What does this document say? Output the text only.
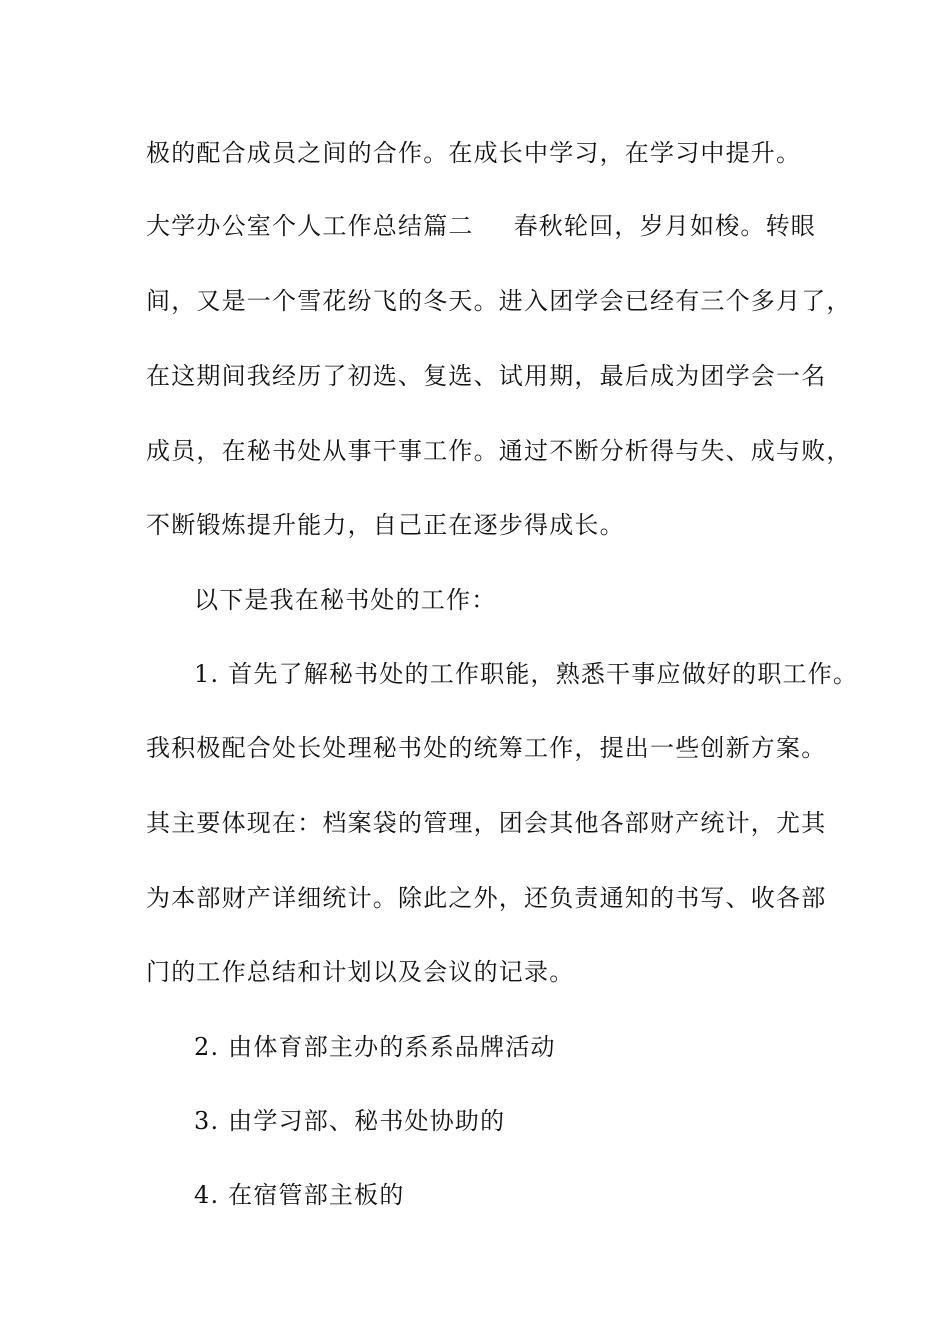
极的配合成员之间的合作。在成长中学习，在学习中提升。
大学办公室个人工作总结篇二 春秋轮回，岁月如梭。转眼
间，又是一个雪花纷飞的冬天。进入团学会已经有三个多月了，
在这期间我经历了初选、复选、试用期，最后成为团学会一名
成员，在秘书处从事干事工作。通过不断分析得与失、成与败，
不断锻炼提升能力，自己正在逐步得成长。
以下是我在秘书处的工作：
1. 首先了解秘书处的工作职能，熟悉干事应做好的职工作。
我积极配合处长处理秘书处的统筹工作，提出一些创新方案。
其主要体现在：档案袋的管理，团会其他各部财产统计，尤其
为本部财产详细统计。除此之外，还负责通知的书写、收各部
门的工作总结和计划以及会议的记录。
2. 由体育部主办的系系品牌活动
3. 由学习部、秘书处协助的
4. 在宿管部主板的
